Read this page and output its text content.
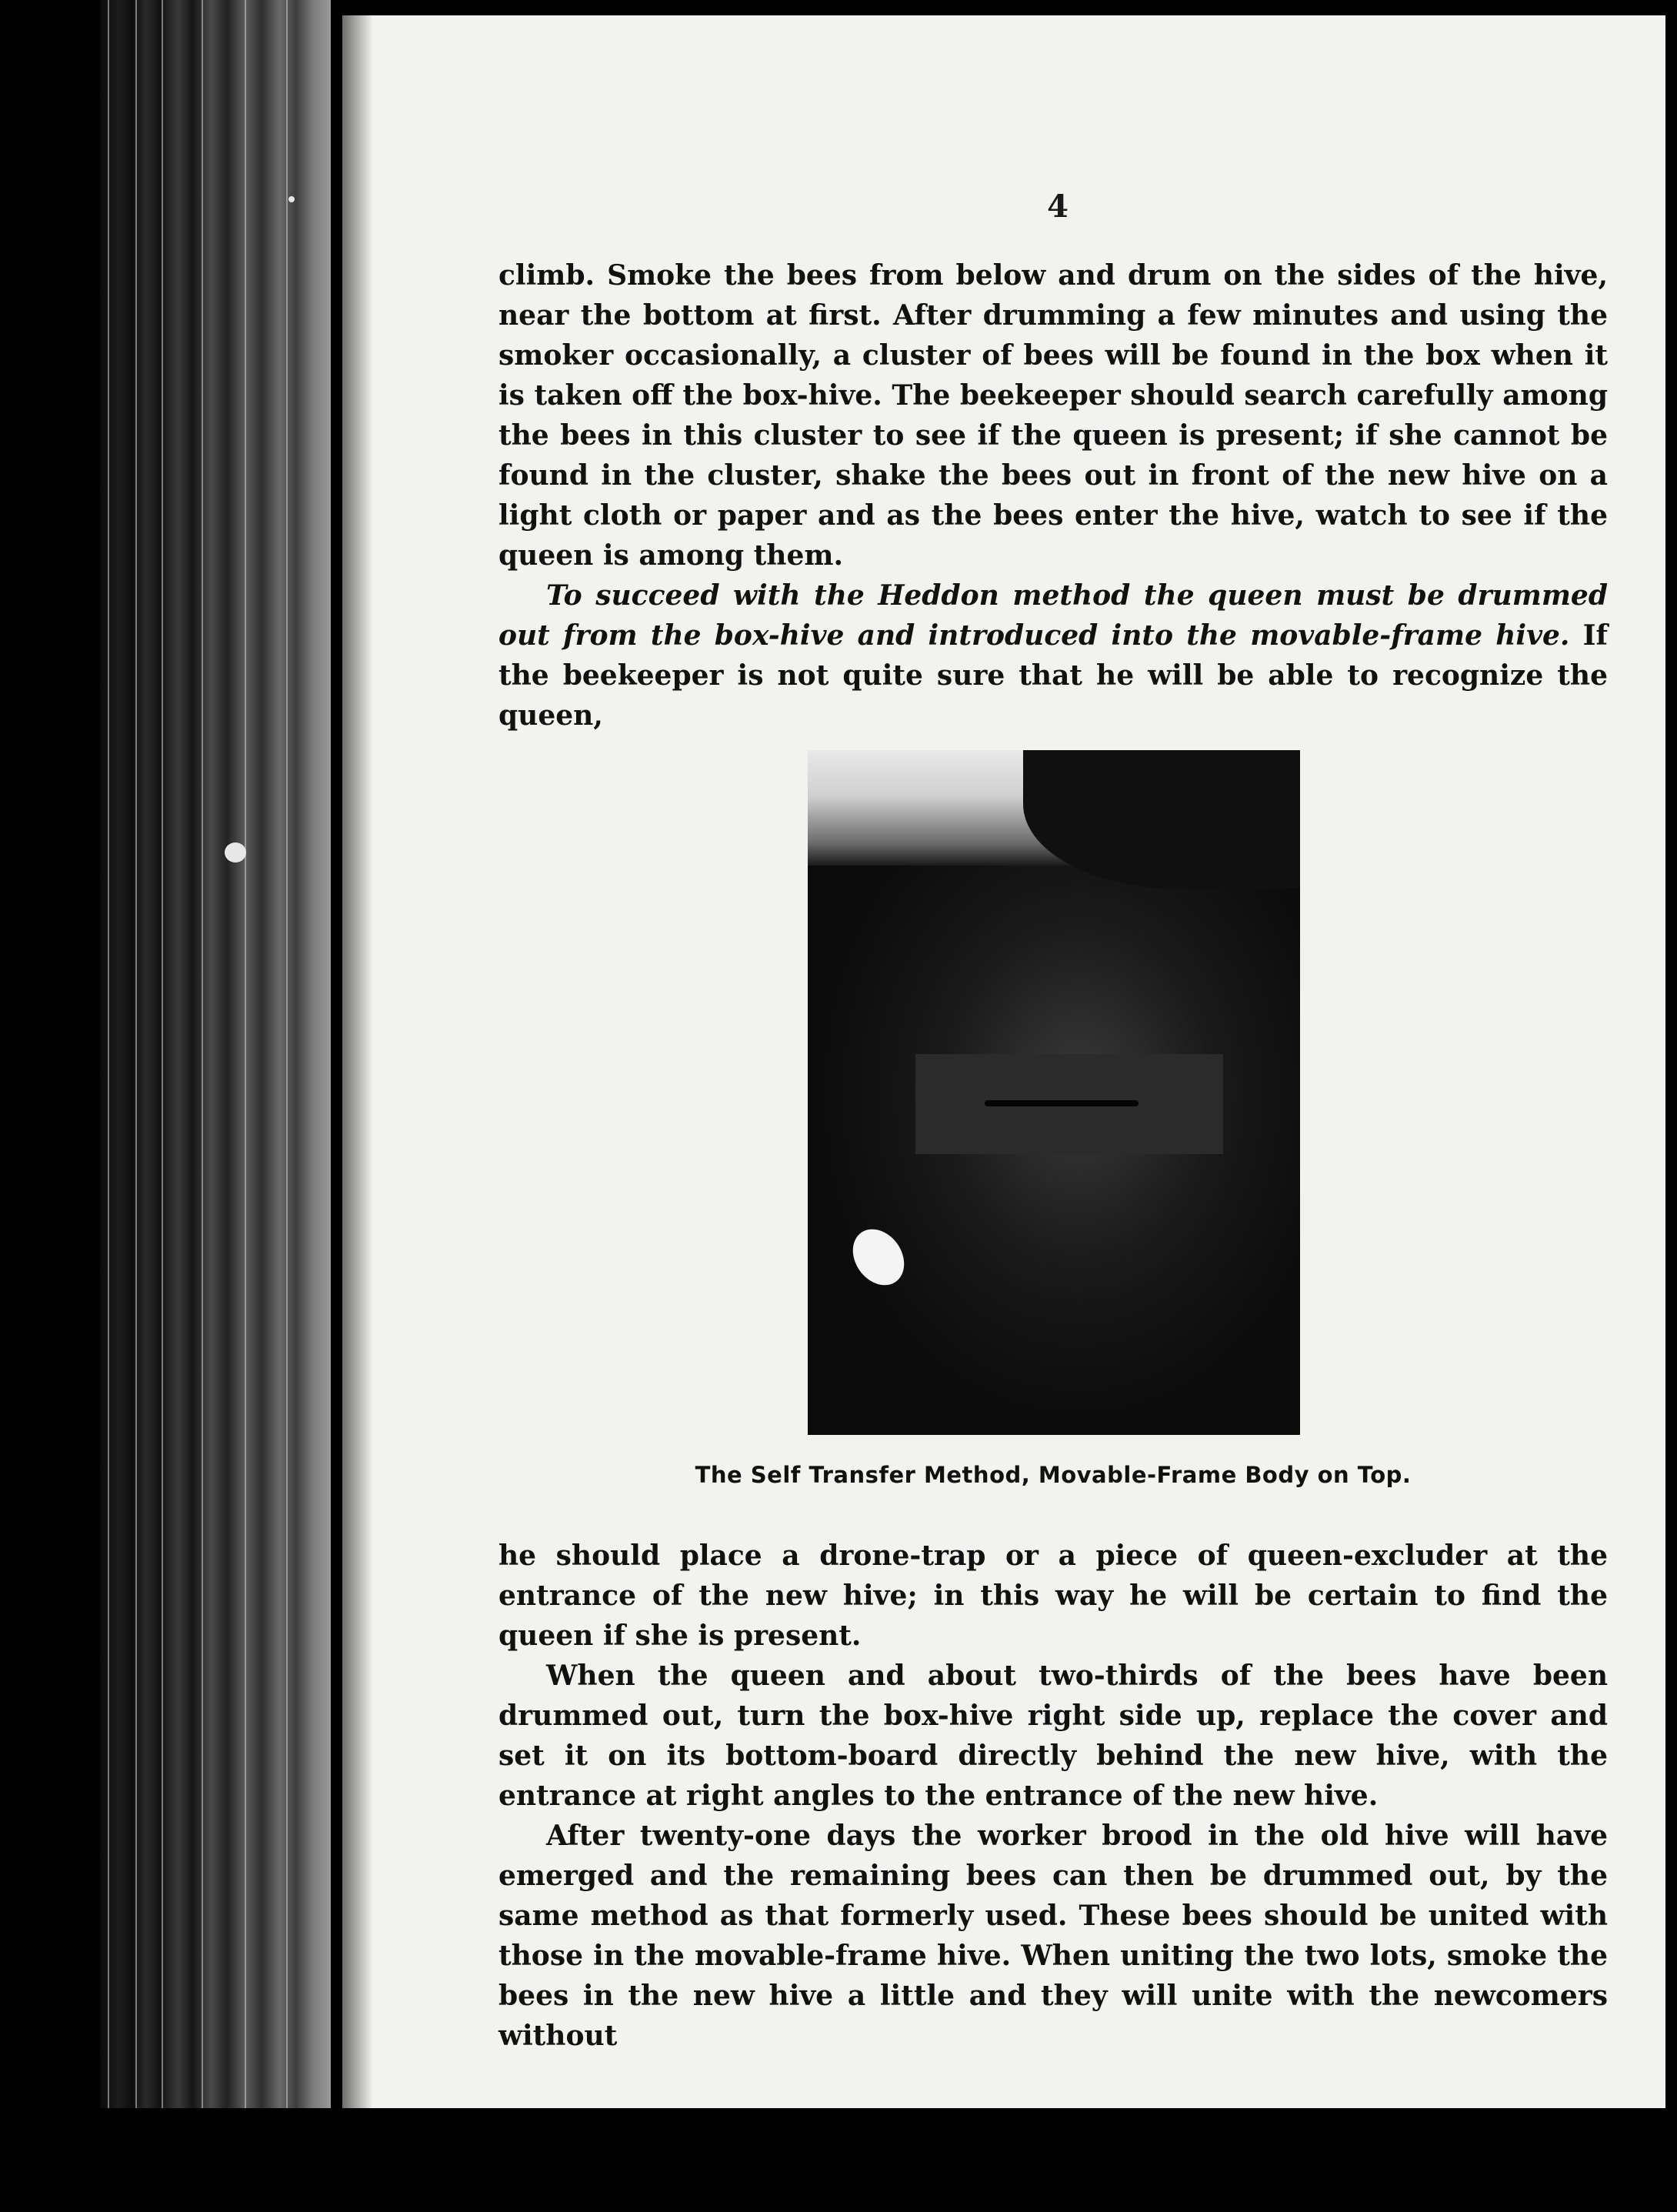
4

climb. Smoke the bees from below and drum on the sides of the hive, near the bottom at first. After drumming a few minutes and using the smoker occasionally, a cluster of bees will be found in the box when it is taken off the box-hive. The beekeeper should search carefully among the bees in this cluster to see if the queen is present; if she cannot be found in the cluster, shake the bees out in front of the new hive on a light cloth or paper and as the bees enter the hive, watch to see if the queen is among them.

To succeed with the Heddon method the queen must be drummed out from the box-hive and introduced into the movable-frame hive. If the beekeeper is not quite sure that he will be able to recognize the queen,

The Self Transfer Method, Movable-Frame Body on Top.

he should place a drone-trap or a piece of queen-excluder at the entrance of the new hive; in this way he will be certain to find the queen if she is present.

When the queen and about two-thirds of the bees have been drummed out, turn the box-hive right side up, replace the cover and set it on its bottom-board directly behind the new hive, with the entrance at right angles to the entrance of the new hive.

After twenty-one days the worker brood in the old hive will have emerged and the remaining bees can then be drummed out, by the same method as that formerly used. These bees should be united with those in the movable-frame hive. When uniting the two lots, smoke the bees in the new hive a little and they will unite with the newcomers without
